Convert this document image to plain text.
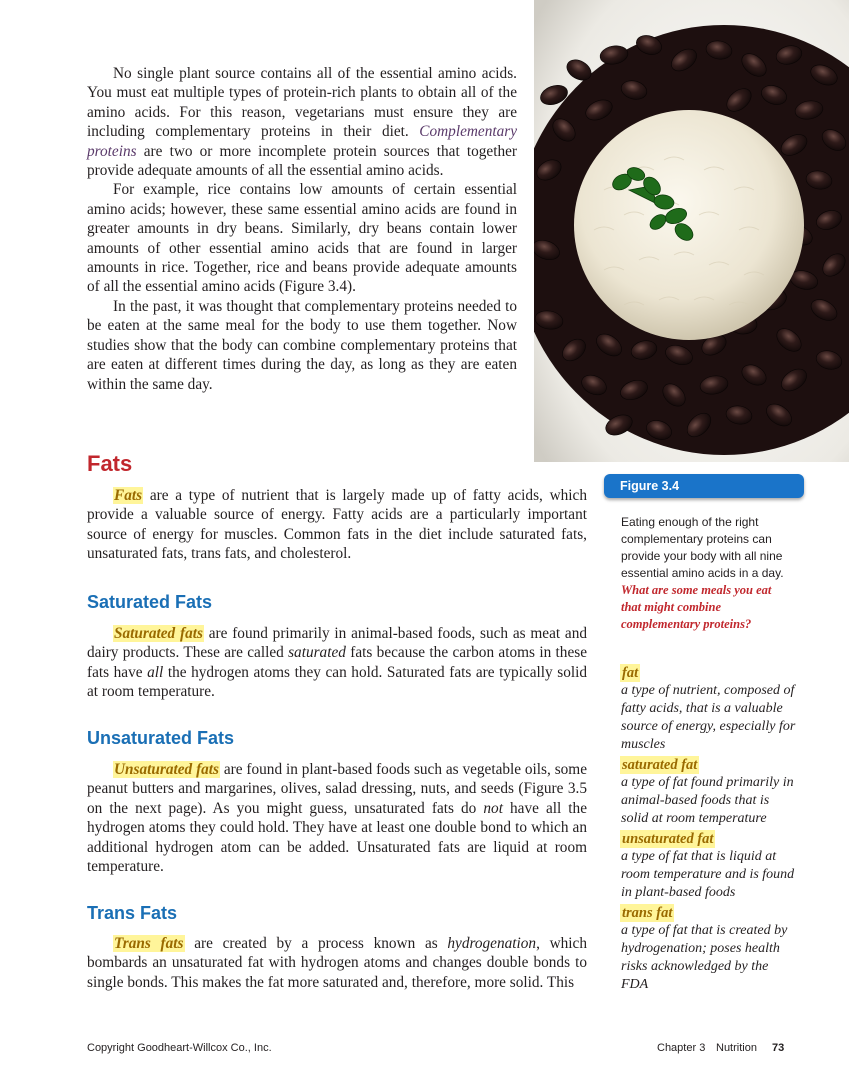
No single plant source contains all of the essential amino acids. You must eat multiple types of protein-rich plants to obtain all of the amino acids. For this reason, vegetarians must ensure they are including complementary proteins in their diet. Complementary proteins are two or more incomplete protein sources that together provide adequate amounts of all the essential amino acids.

For example, rice contains low amounts of certain essential amino acids; however, these same essential amino acids are found in greater amounts in dry beans. Similarly, dry beans contain lower amounts of other essential amino acids that are found in larger amounts in rice. Together, rice and beans provide adequate amounts of all the essential amino acids (Figure 3.4).

In the past, it was thought that complementary proteins needed to be eaten at the same meal for the body to use them together. Now studies show that the body can combine complementary proteins that are eaten at different times during the day, as long as they are eaten within the same day.

Fats

Fats are a type of nutrient that is largely made up of fatty acids, which provide a valuable source of energy. Fatty acids are a particularly important source of energy for muscles. Common fats in the diet include saturated fats, unsaturated fats, trans fats, and cholesterol.

Saturated Fats

Saturated fats are found primarily in animal-based foods, such as meat and dairy products. These are called saturated fats because the carbon atoms in these fats have all the hydrogen atoms they can hold. Saturated fats are typically solid at room temperature.

Unsaturated Fats

Unsaturated fats are found in plant-based foods such as vegetable oils, some peanut butters and margarines, olives, salad dressing, nuts, and seeds (Figure 3.5 on the next page). As you might guess, unsaturated fats do not have all the hydrogen atoms they could hold. They have at least one double bond to which an additional hydrogen atom can be added. Unsaturated fats are liquid at room temperature.

Trans Fats

Trans fats are created by a process known as hydrogenation, which bombards an unsaturated fat with hydrogen atoms and changes double bonds to single bonds. This makes the fat more saturated and, therefore, more solid. This

Figure 3.4
Eating enough of the right complementary proteins can provide your body with all nine essential amino acids in a day. What are some meals you eat that might combine complementary proteins?
fat

a type of nutrient, composed of fatty acids, that is a valuable source of energy, especially for muscles

saturated fat

a type of fat found primarily in animal-based foods that is solid at room temperature

unsaturated fat

a type of fat that is liquid at room temperature and is found in plant-based foods

trans fat

a type of fat that is created by hydrogenation; poses health risks acknowledged by the FDA

Copyright Goodheart-Willcox Co., Inc.	Chapter 3 Nutrition 73
